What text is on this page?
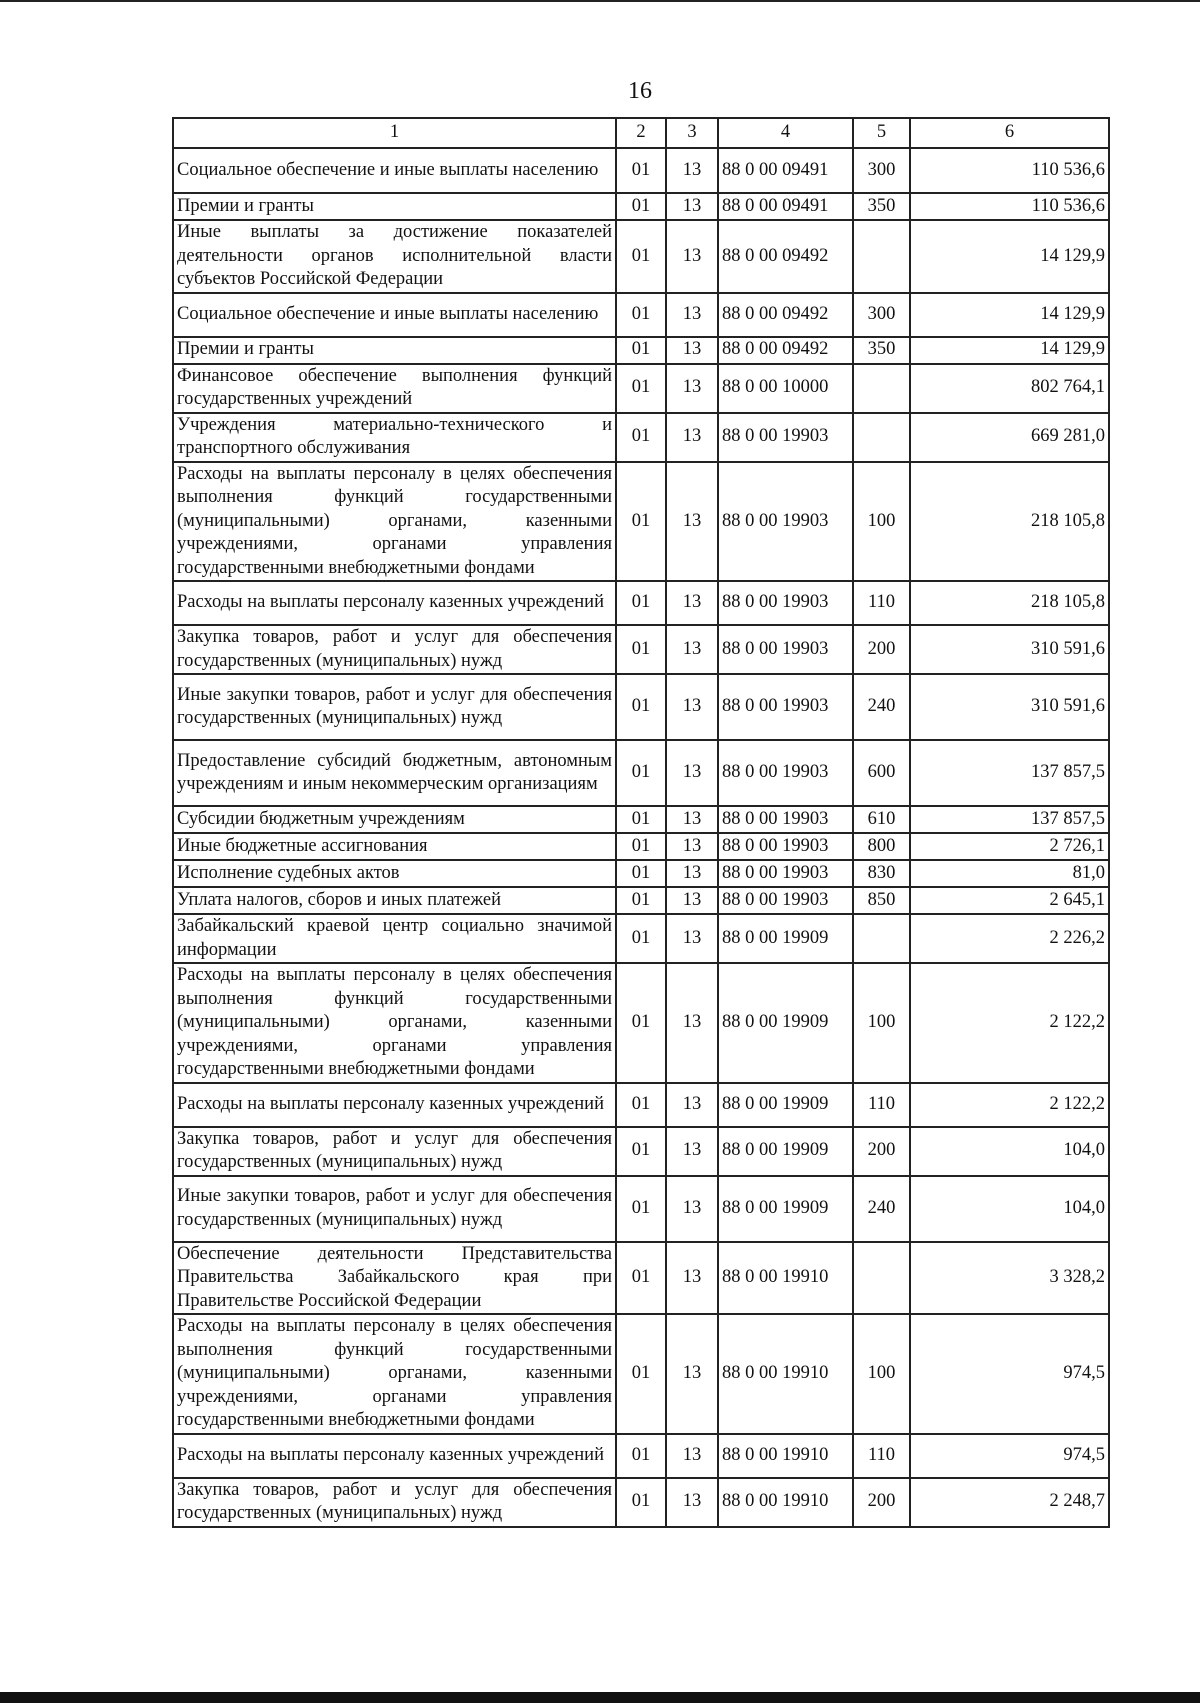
16
1	2	3	4	5	6
Социальное обеспечение и иные выплаты населению	01	13	88 0 00 09491	300	110 536,6
Премии и гранты	01	13	88 0 00 09491	350	110 536,6
Иные выплаты за достижение показателей деятельности органов исполнительной власти субъектов Российской Федерации	01	13	88 0 00 09492		14 129,9
Социальное обеспечение и иные выплаты населению	01	13	88 0 00 09492	300	14 129,9
Премии и гранты	01	13	88 0 00 09492	350	14 129,9
Финансовое обеспечение выполнения функций государственных учреждений	01	13	88 0 00 10000		802 764,1
Учреждения материально-технического и транспортного обслуживания	01	13	88 0 00 19903		669 281,0
Расходы на выплаты персоналу в целях обеспечения выполнения функций государственными (муниципальными) органами, казенными учреждениями, органами управления государственными внебюджетными фондами	01	13	88 0 00 19903	100	218 105,8
Расходы на выплаты персоналу казенных учреждений	01	13	88 0 00 19903	110	218 105,8
Закупка товаров, работ и услуг для обеспечения государственных (муниципальных) нужд	01	13	88 0 00 19903	200	310 591,6
Иные закупки товаров, работ и услуг для обеспечения государственных (муниципальных) нужд	01	13	88 0 00 19903	240	310 591,6
Предоставление субсидий бюджетным, автономным учреждениям и иным некоммерческим организациям	01	13	88 0 00 19903	600	137 857,5
Субсидии бюджетным учреждениям	01	13	88 0 00 19903	610	137 857,5
Иные бюджетные ассигнования	01	13	88 0 00 19903	800	2 726,1
Исполнение судебных актов	01	13	88 0 00 19903	830	81,0
Уплата налогов, сборов и иных платежей	01	13	88 0 00 19903	850	2 645,1
Забайкальский краевой центр социально значимой информации	01	13	88 0 00 19909		2 226,2
Расходы на выплаты персоналу в целях обеспечения выполнения функций государственными (муниципальными) органами, казенными учреждениями, органами управления государственными внебюджетными фондами	01	13	88 0 00 19909	100	2 122,2
Расходы на выплаты персоналу казенных учреждений	01	13	88 0 00 19909	110	2 122,2
Закупка товаров, работ и услуг для обеспечения государственных (муниципальных) нужд	01	13	88 0 00 19909	200	104,0
Иные закупки товаров, работ и услуг для обеспечения государственных (муниципальных) нужд	01	13	88 0 00 19909	240	104,0
Обеспечение деятельности Представительства Правительства Забайкальского края при Правительстве Российской Федерации	01	13	88 0 00 19910		3 328,2
Расходы на выплаты персоналу в целях обеспечения выполнения функций государственными (муниципальными) органами, казенными учреждениями, органами управления государственными внебюджетными фондами	01	13	88 0 00 19910	100	974,5
Расходы на выплаты персоналу казенных учреждений	01	13	88 0 00 19910	110	974,5
Закупка товаров, работ и услуг для обеспечения государственных (муниципальных) нужд	01	13	88 0 00 19910	200	2 248,7
